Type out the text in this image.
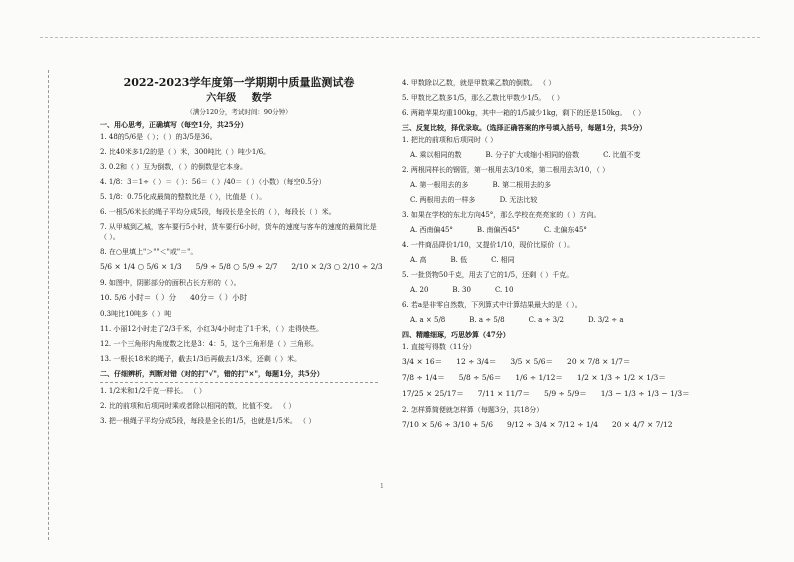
2022-2023学年度第一学期期中质量监测试卷
六年级 数学
（满分120分，考试时间：90分钟）
一、用心思考，正确填写（每空1分，共25分）
1. 48的5/6是（ ）；（ ）的3/5是36。
2. 比40米多1/2的是（ ）米，300吨比（ ）吨少1/6。
3. 0.2和（ ）互为倒数，（ ）的倒数是它本身。
4. 1/8：3＝1÷（ ）＝（ ）：56＝（ ）/40＝（ ）（小数）（每空0.5分）
5. 1/8：0.75化成最简的整数比是（ ），比值是（ ）。
6. 一根5/6米长的绳子平均分成5段，每段长是全长的（ ），每段长（ ）米。
7. 从甲城到乙城，客车要行5小时，货车要行6小时，货车的速度与客车的速度的最简比是（ ）。
8. 在○里填上"＞""＜"或"＝"。
5/6 × 1/4 ○ 5/6 × 1/3 5/9 ÷ 5/8 ○ 5/9 ÷ 2/7 2/10 × 2/3 ○ 2/10 ÷ 2/3
9. 如图中，阴影部分的面积占长方形的（ ）。
10. 5/6 小时＝（ ）分 40分＝（ ）小时
0.3吨比10吨多（ ）吨
11. 小丽12小时走了2/3千米，小红3/4小时走了1千米，（ ）走得快些。
12. 一个三角形内角度数之比是3：4：5，这个三角形是（ ）三角形。
13. 一根长18米的绳子，截去1/3后再截去1/3米，还剩（ ）米。
二、仔细辨析，判断对错（对的打"√"，错的打"×"，每题1分，共5分）
1. 1/2米和1/2千克一样长。 （ ）
2. 比的前项和后项同时乘或者除以相同的数，比值不变。 （ ）
3. 把一根绳子平均分成5段，每段是全长的1/5，也就是1/5米。 （ ）
4. 甲数除以乙数，就是甲数乘乙数的倒数。 （ ）
5. 甲数比乙数多1/5，那么乙数比甲数少1/5。 （ ）
6. 两箱苹果均重100kg，其中一箱的1/5减少1kg，剩下的还是150kg。 （ ）
三、反复比较，择优录取。（选择正确答案的序号填入括号，每题1分，共5分）
1. 把比的前项和后项同时（ ）
A. 乘以相同的数	B. 分子扩大或缩小相同的倍数	C. 比值不变
2. 两根同样长的钢管，第一根用去3/10米，第二根用去3/10，（ ）
A. 第一根用去的多	B. 第二根用去的多
C. 两根用去的一样多	D. 无法比较
3. 如果在学校的东北方向45°，那么学校在亮亮家的（ ）方向。
A. 西南偏45°	B. 南偏西45°	C. 北偏东45°
4. 一件商品降价1/10，又提价1/10，现价比原价（ ）。
A. 高	B. 低	C. 相同
5. 一批货物50千克，用去了它的1/5，还剩（ ）千克。
A. 20	B. 30	C. 10
6. 若a是非零自然数，下列算式中计算结果最大的是（ ）。
A. a × 5/8	B. a ÷ 5/8	C. a ÷ 3/2	D. 3/2 ÷ a
四、精雕细琢，巧思妙算（47分）
1. 直接写得数（11分）
3/4 × 16＝ 12 ÷ 3/4＝ 3/5 × 5/6＝ 20 × 7/8 × 1/7＝
7/8 ÷ 1/4＝ 5/8 ÷ 5/6＝ 1/6 ÷ 1/12＝ 1/2 × 1/3 ÷ 1/2 × 1/3＝
17/25 × 25/17＝ 7/11 × 11/7＝ 5/9 ÷ 5/9＝ 1/3 − 1/3 ÷ 1/3 − 1/3＝
2. 怎样算简便就怎样算（每题3分，共18分）
7/10 × 5/6 ÷ 3/10 + 5/6 9/12 ÷ 3/4 × 7/12 ÷ 1/4 20 × 4/7 × 7/12
1
